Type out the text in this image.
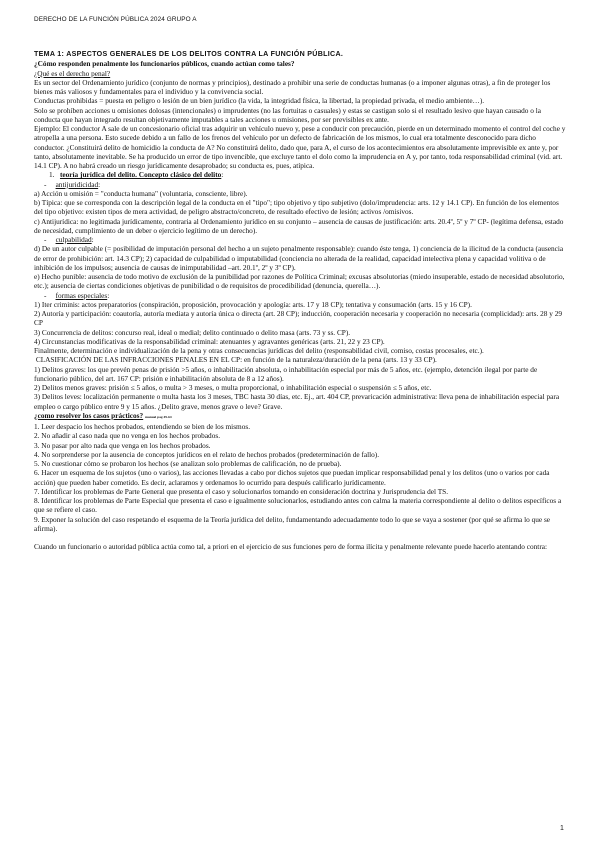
DERECHO DE LA FUNCIÓN PÚBLICA 2024 GRUPO A

TEMA 1: ASPECTOS GENERALES DE LOS DELITOS CONTRA LA FUNCIÓN PÚBLICA.

¿Cómo responden penalmente los funcionarios públicos, cuando actúan como tales?

¿Qué es el derecho penal?

Es un sector del Ordenamiento jurídico (conjunto de normas y principios), destinado a prohibir una serie de conductas humanas (o a imponer algunas otras), a fin de proteger los bienes más valiosos y fundamentales para el individuo y la convivencia social.

Conductas prohibidas = puesta en peligro o lesión de un bien jurídico (la vida, la integridad física, la libertad, la propiedad privada, el medio ambiente…).

Solo se prohíben acciones u omisiones dolosas (intencionales) o imprudentes (no las fortuitas o casuales) y estas se castigan solo si el resultado lesivo que hayan causado o la conducta que hayan integrado resultan objetivamente imputables a tales acciones u omisiones, por ser previsibles ex ante.

Ejemplo: El conductor A sale de un concesionario oficial tras adquirir un vehículo nuevo y, pese a conducir con precaución, pierde en un determinado momento el control del coche y atropella a una persona. Esto sucede debido a un fallo de los frenos del vehículo por un defecto de fabricación de los mismos, lo cual era totalmente desconocido para dicho conductor. ¿Constituirá delito de homicidio la conducta de A? No constituirá delito, dado que, para A, el curso de los acontecimientos era absolutamente imprevisible ex ante y, por tanto, absolutamente inevitable. Se ha producido un error de tipo invencible, que excluye tanto el dolo como la imprudencia en A y, por tanto, toda responsabilidad criminal (vid. art. 14.1 CP). A no habrá creado un riesgo jurídicamente desaprobado; su conducta es, pues, atípica.

1. teoría jurídica del delito. Concepto clásico del delito:

-     antijuridicidad:

a) Acción u omisión = "conducta humana" (voluntaria, consciente, libre).

b) Típica: que se corresponda con la descripción legal de la conducta en el "tipo"; tipo objetivo y tipo subjetivo (dolo/imprudencia: arts. 12 y 14.1 CP). En función de los elementos del tipo objetivo: existen tipos de mera actividad, de peligro abstracto/concreto, de resultado efectivo de lesión; activos /omisivos.

c) Antijurídica: no legitimada jurídicamente, contraria al Ordenamiento jurídico en su conjunto – ausencia de causas de justificación: arts. 20.4º, 5º y 7º CP- (legítima defensa, estado de necesidad, cumplimiento de un deber o ejercicio legítimo de un derecho).

-     culpabilidad:

d) De un autor culpable (= posibilidad de imputación personal del hecho a un sujeto penalmente responsable): cuando éste tenga, 1) conciencia de la ilicitud de la conducta (ausencia de error de prohibición: art. 14.3 CP); 2) capacidad de culpabilidad o imputabilidad (conciencia no alterada de la realidad, capacidad intelectiva plena y capacidad volitiva o de inhibición de los impulsos; ausencia de causas de inimputabilidad –art. 20.1º, 2º y 3º CP).

e) Hecho punible: ausencia de todo motivo de exclusión de la punibilidad por razones de Política Criminal; excusas absolutorias (miedo insuperable, estado de necesidad absolutorio, etc.); ausencia de ciertas condiciones objetivas de punibilidad o de requisitos de procedibilidad (denuncia, querella…).

-     formas especiales:

1) Iter criminis: actos preparatorios (conspiración, proposición, provocación y apología: arts. 17 y 18 CP); tentativa y consumación (arts. 15 y 16 CP).

2) Autoría y participación: coautoría, autoría mediata y autoría única o directa (art. 28 CP); inducción, cooperación necesaria y cooperación no necesaria (complicidad): arts. 28 y 29 CP

3) Concurrencia de delitos: concurso real, ideal o medial; delito continuado o delito masa (arts. 73 y ss. CP).

4) Circunstancias modificativas de la responsabilidad criminal: atenuantes y agravantes genéricas (arts. 21, 22 y 23 CP).

Finalmente, determinación e individualización de la pena y otras consecuencias jurídicas del delito (responsabilidad civil, comiso, costas procesales, etc.).

CLASIFICACIÓN DE LAS INFRACCIONES PENALES EN EL CP: en función de la naturaleza/duración de la pena (arts. 13 y 33 CP).

1) Delitos graves: los que prevén penas de prisión >5 años, o inhabilitación absoluta, o inhabilitación especial por más de 5 años, etc. (ejemplo, detención ilegal por parte de funcionario público, del art. 167 CP: prisión e inhabilitación absoluta de 8 a 12 años).

2) Delitos menos graves: prisión ≤ 5 años, o multa > 3 meses, o multa proporcional, o inhabilitación especial o suspensión ≤ 5 años, etc.

3) Delitos leves: localización permanente o multa hasta los 3 meses, TBC hasta 30 días, etc. Ej., art. 404 CP, prevaricación administrativa: lleva pena de inhabilitación especial para empleo o cargo público entre 9 y 15 años. ¿Delito grave, menos grave o leve? Grave.

¿como resolver los casos prácticos? manual pag 49-64

1. Leer despacio los hechos probados, entendiendo se bien de los mismos.

2. No añadir al caso nada que no venga en los hechos probados.

3. No pasar por alto nada que venga en los hechos probados.

4. No sorprenderse por la ausencia de conceptos jurídicos en el relato de hechos probados (predeterminación de fallo).

5. No cuestionar cómo se probaron los hechos (se analizan solo problemas de calificación, no de prueba).

6. Hacer un esquema de los sujetos (uno o varios), las acciones llevadas a cabo por dichos sujetos que puedan implicar responsabilidad penal y los delitos (uno o varios por cada acción) que pueden haber cometido. Es decir, aclaramos y ordenamos lo ocurrido para después calificarlo jurídicamente.

7. Identificar los problemas de Parte General que presenta el caso y solucionarlos tomando en consideración doctrina y Jurisprudencia del TS.

8. Identificar los problemas de Parte Especial que presenta el caso e igualmente solucionarlos, estudiando antes con calma la materia correspondiente al delito o delitos específicos a que se refiere el caso.

9. Exponer la solución del caso respetando el esquema de la Teoría jurídica del delito, fundamentando adecuadamente todo lo que se vaya a sostener (por qué se afirma lo que se afirma).

Cuando un funcionario o autoridad pública actúa como tal, a priori en el ejercicio de sus funciones pero de forma ilícita y penalmente relevante puede hacerlo atentando contra:

1
